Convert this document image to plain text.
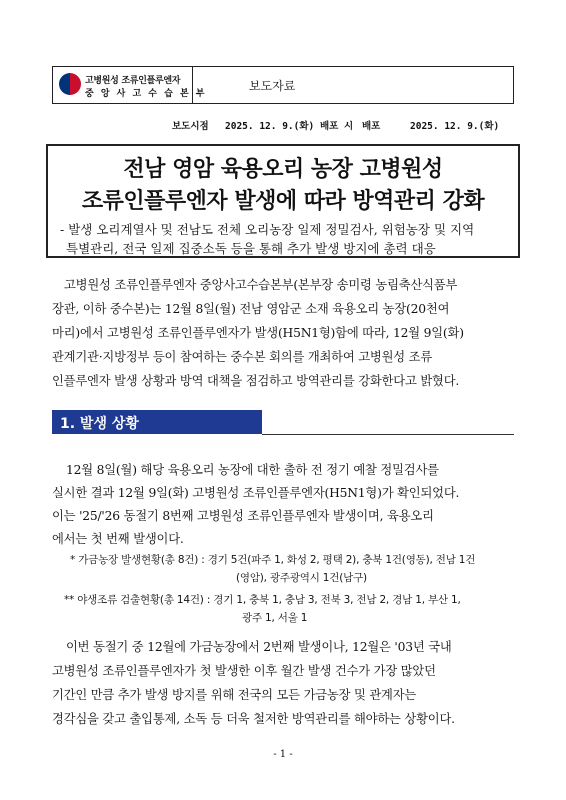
고병원성 조류인플루엔자
중 앙 사 고 수 습 본 부
보도자료
보도시점 2025. 12. 9.(화) 배포 시 배포	2025. 12. 9.(화)
전남 영암 육용오리 농장 고병원성
조류인플루엔자 발생에 따라 방역관리 강화
- 발생 오리계열사 및 전남도 전체 오리농장 일제 정밀검사, 위험농장 및 지역
특별관리, 전국 일제 집중소독 등을 통해 추가 발생 방지에 총력 대응
고병원성 조류인플루엔자 중앙사고수습본부(본부장 송미령 농림축산식품부
장관, 이하 중수본)는 12월 8일(월) 전남 영암군 소재 육용오리 농장(20천여
마리)에서 고병원성 조류인플루엔자가 발생(H5N1형)함에 따라, 12월 9일(화)
관계기관·지방정부 등이 참여하는 중수본 회의를 개최하여 고병원성 조류
인플루엔자 발생 상황과 방역 대책을 점검하고 방역관리를 강화한다고 밝혔다.
1. 발생 상황
12월 8일(월) 해당 육용오리 농장에 대한 출하 전 정기 예찰 정밀검사를
실시한 결과 12월 9일(화) 고병원성 조류인플루엔자(H5N1형)가 확인되었다.
이는 '25/'26 동절기 8번째 고병원성 조류인플루엔자 발생이며, 육용오리
에서는 첫 번째 발생이다.
* 가금농장 발생현황(총 8건) : 경기 5건(파주 1, 화성 2, 평택 2), 충북 1건(영동), 전남 1건
(영암), 광주광역시 1건(남구)
** 야생조류 검출현황(총 14건) : 경기 1, 충북 1, 충남 3, 전북 3, 전남 2, 경남 1, 부산 1,
광주 1, 서울 1
이번 동절기 중 12월에 가금농장에서 2번째 발생이나, 12월은 '03년 국내
고병원성 조류인플루엔자가 첫 발생한 이후 월간 발생 건수가 가장 많았던
기간인 만큼 추가 발생 방지를 위해 전국의 모든 가금농장 및 관계자는
경각심을 갖고 출입통제, 소독 등 더욱 철저한 방역관리를 해야하는 상황이다.
- 1 -
